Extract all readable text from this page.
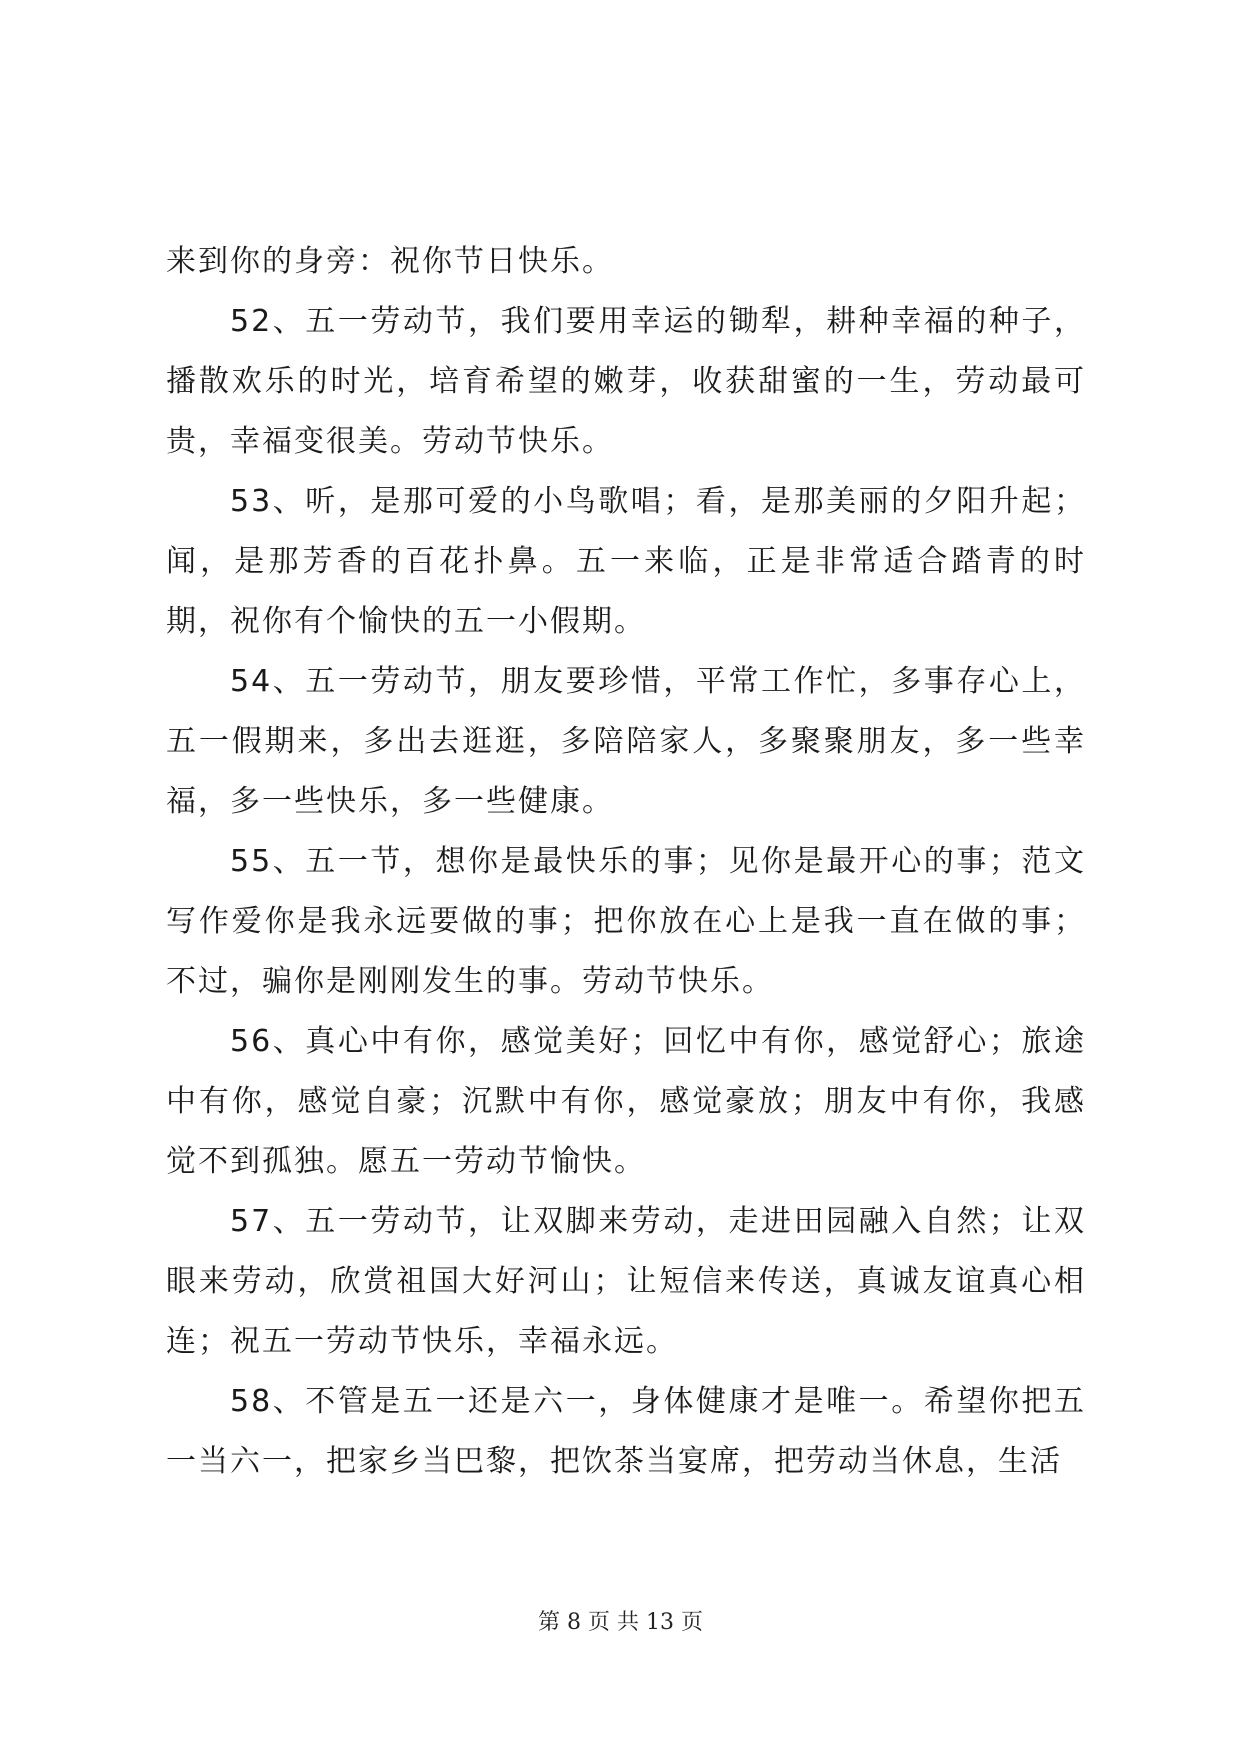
来到你的身旁：祝你节日快乐。

52、五一劳动节，我们要用幸运的锄犁，耕种幸福的种子，播散欢乐的时光，培育希望的嫩芽，收获甜蜜的一生，劳动最可贵，幸福变很美。劳动节快乐。

53、听，是那可爱的小鸟歌唱；看，是那美丽的夕阳升起；闻，是那芳香的百花扑鼻。五一来临，正是非常适合踏青的时期，祝你有个愉快的五一小假期。

54、五一劳动节，朋友要珍惜，平常工作忙，多事存心上，五一假期来，多出去逛逛，多陪陪家人，多聚聚朋友，多一些幸福，多一些快乐，多一些健康。

55、五一节，想你是最快乐的事；见你是最开心的事；范文写作爱你是我永远要做的事；把你放在心上是我一直在做的事；不过，骗你是刚刚发生的事。劳动节快乐。

56、真心中有你，感觉美好；回忆中有你，感觉舒心；旅途中有你，感觉自豪；沉默中有你，感觉豪放；朋友中有你，我感觉不到孤独。愿五一劳动节愉快。

57、五一劳动节，让双脚来劳动，走进田园融入自然；让双眼来劳动，欣赏祖国大好河山；让短信来传送，真诚友谊真心相连；祝五一劳动节快乐，幸福永远。

58、不管是五一还是六一，身体健康才是唯一。希望你把五一当六一，把家乡当巴黎，把饮茶当宴席，把劳动当休息，生活

第 8 页 共 13 页
